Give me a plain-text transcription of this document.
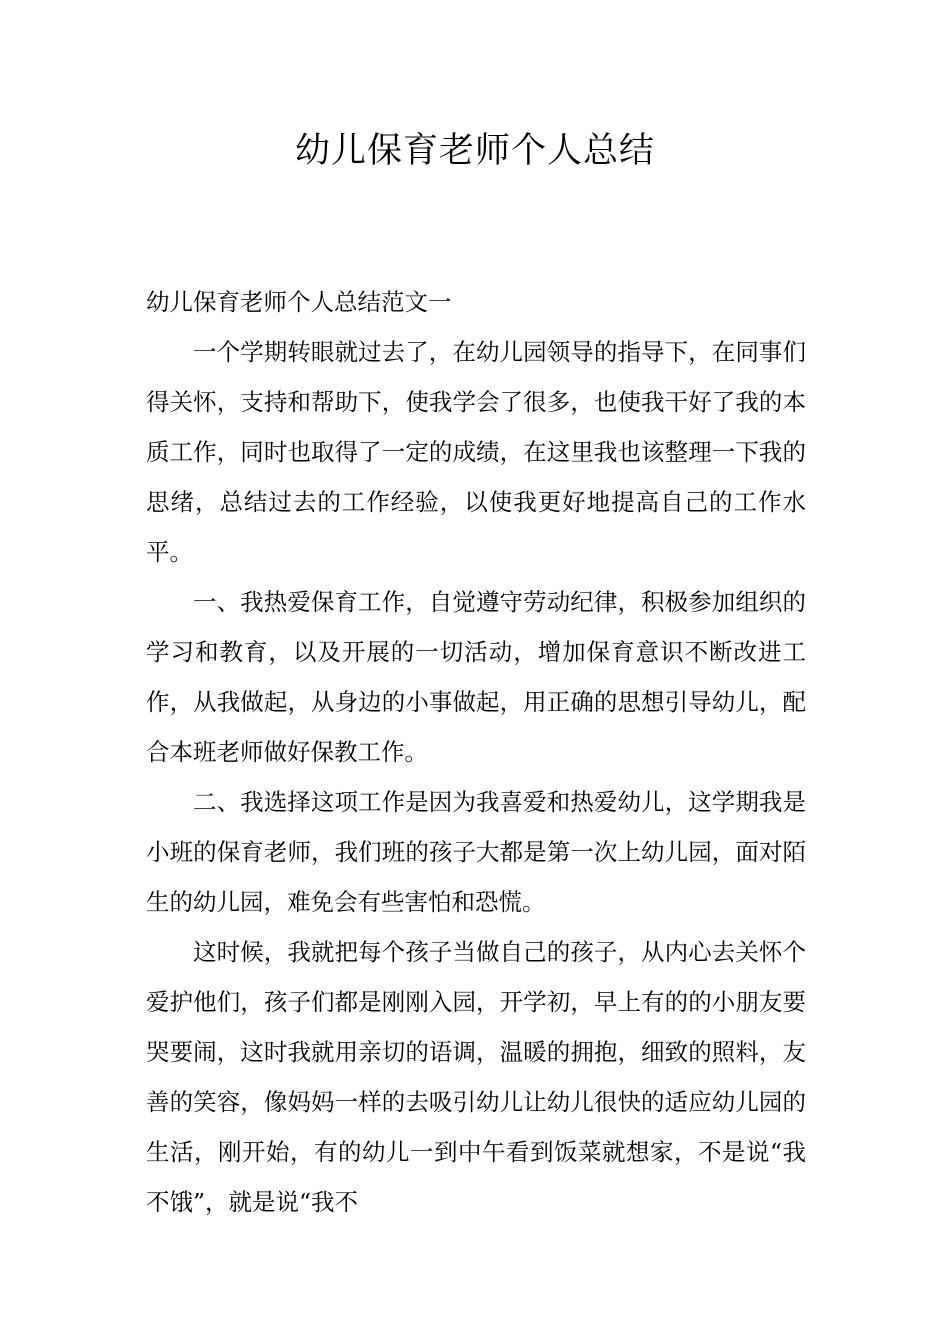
幼儿保育老师个人总结

幼儿保育老师个人总结范文一

一个学期转眼就过去了，在幼儿园领导的指导下，在同事们得关怀，支持和帮助下，使我学会了很多，也使我干好了我的本质工作，同时也取得了一定的成绩，在这里我也该整理一下我的思绪，总结过去的工作经验，以使我更好地提高自己的工作水平。

一、我热爱保育工作，自觉遵守劳动纪律，积极参加组织的学习和教育，以及开展的一切活动，增加保育意识不断改进工作，从我做起，从身边的小事做起，用正确的思想引导幼儿，配合本班老师做好保教工作。

二、我选择这项工作是因为我喜爱和热爱幼儿，这学期我是小班的保育老师，我们班的孩子大都是第一次上幼儿园，面对陌生的幼儿园，难免会有些害怕和恐慌。

这时候，我就把每个孩子当做自己的孩子，从内心去关怀个爱护他们，孩子们都是刚刚入园，开学初，早上有的的小朋友要哭要闹，这时我就用亲切的语调，温暖的拥抱，细致的照料，友善的笑容，像妈妈一样的去吸引幼儿让幼儿很快的适应幼儿园的生活，刚开始，有的幼儿一到中午看到饭菜就想家，不是说“我不饿”，就是说“我不
